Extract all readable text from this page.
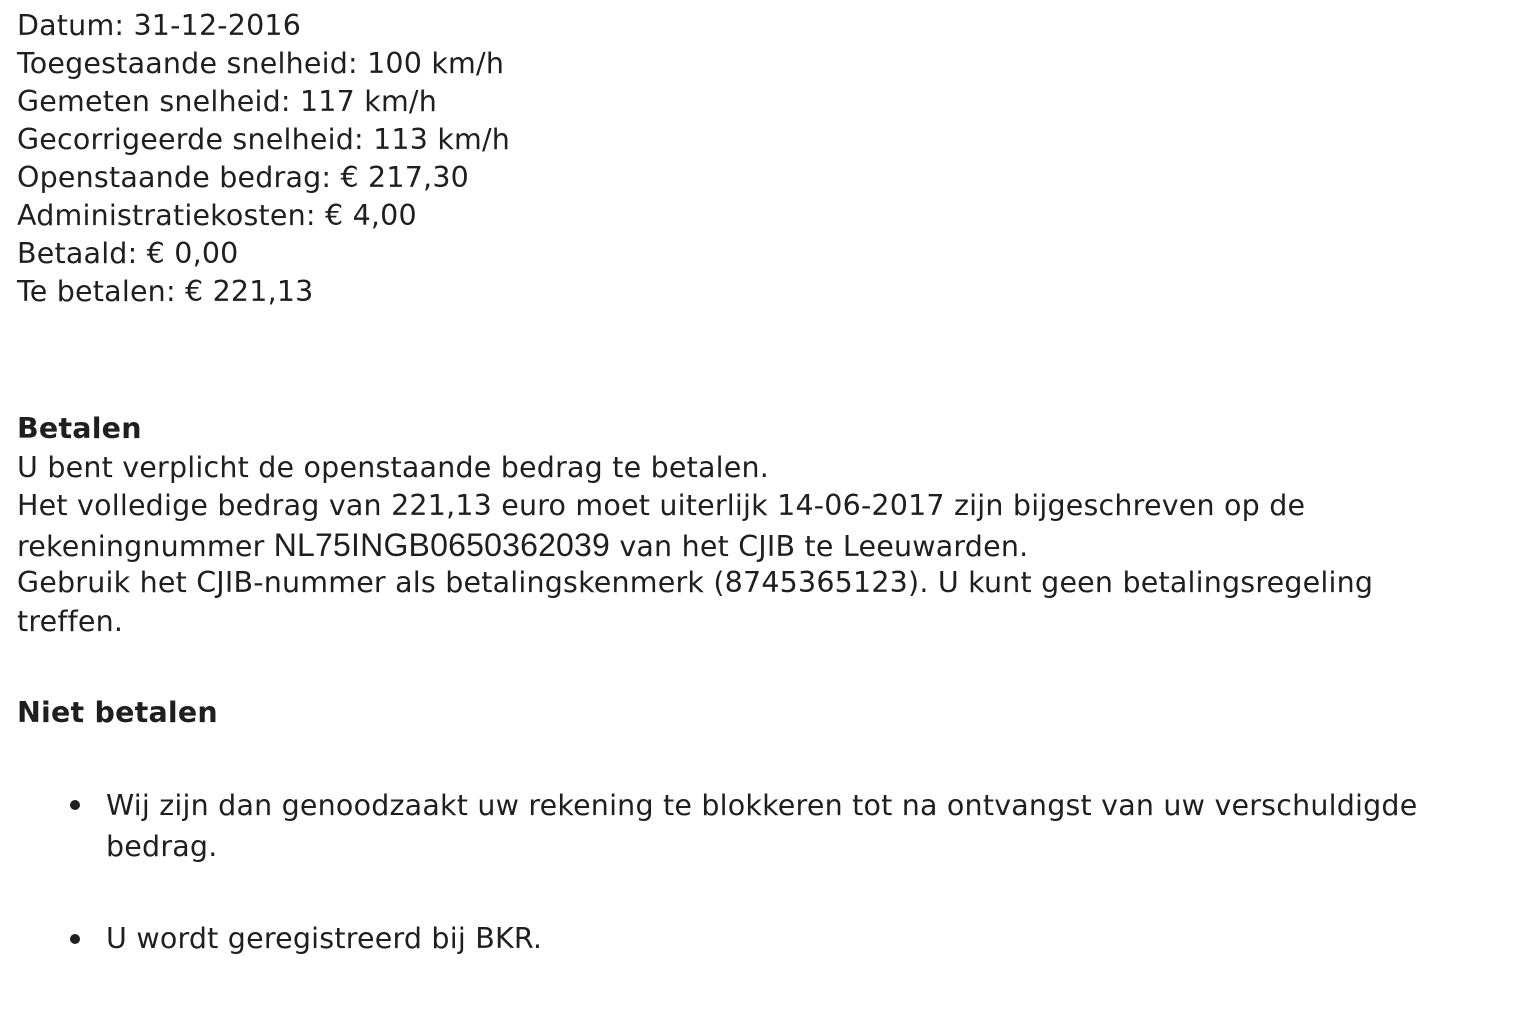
Datum: 31-12-2016
Toegestaande snelheid: 100 km/h
Gemeten snelheid: 117 km/h
Gecorrigeerde snelheid: 113 km/h
Openstaande bedrag: € 217,30
Administratiekosten: € 4,00
Betaald: € 0,00
Te betalen: € 221,13
Betalen
U bent verplicht de openstaande bedrag te betalen.
Het volledige bedrag van 221,13 euro moet uiterlijk 14-06-2017 zijn bijgeschreven op de
rekeningnummer NL75INGB0650362039 van het CJIB te Leeuwarden.
Gebruik het CJIB-nummer als betalingskenmerk (8745365123). U kunt geen betalingsregeling
treffen.
Niet betalen
Wij zijn dan genoodzaakt uw rekening te blokkeren tot na ontvangst van uw verschuldigde
bedrag.
U wordt geregistreerd bij BKR.
